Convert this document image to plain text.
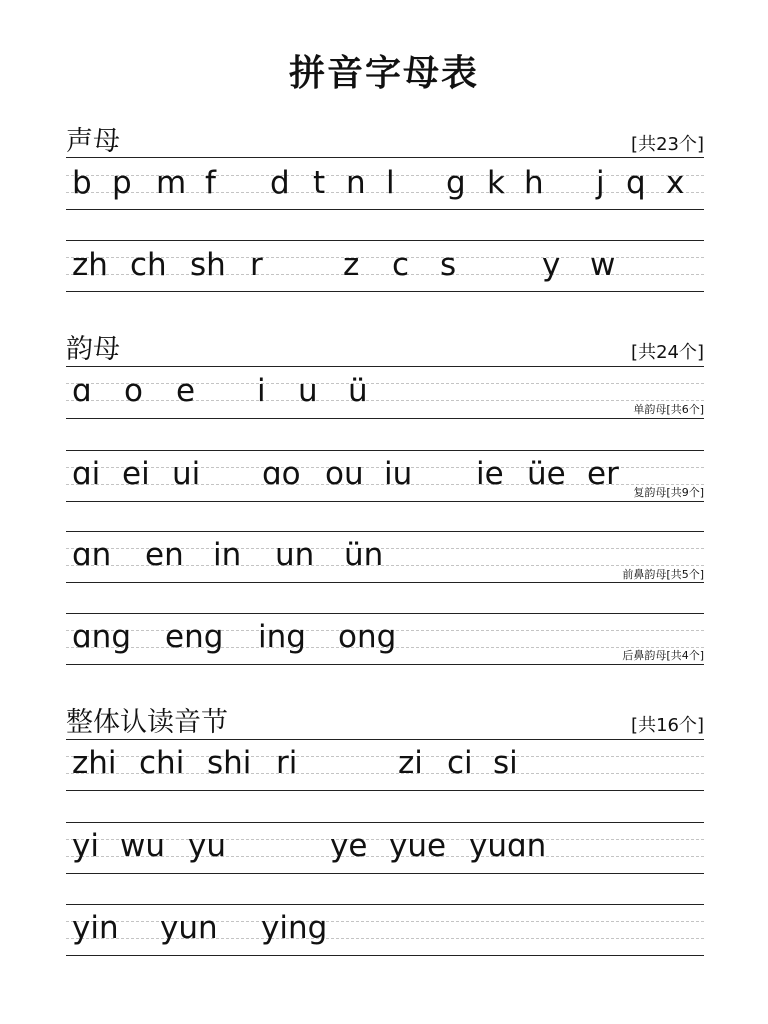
拼音字母表
声母	[共23个]
b p m f d t n l g k h j q x
zh ch sh r	z c s	y w
韵母	[共24个]
ɑ o e i u ü
单韵母[共6个]
ɑi ei ui ɑo ou iu ie üe er
复韵母[共9个]
ɑn en in un ün
前鼻韵母[共5个]
ɑng eng ing ong
后鼻韵母[共4个]
整体认读音节	[共16个]
zhi chi shi ri	zi ci si
yi wu yu	ye yue yuɑn
yin yun ying
